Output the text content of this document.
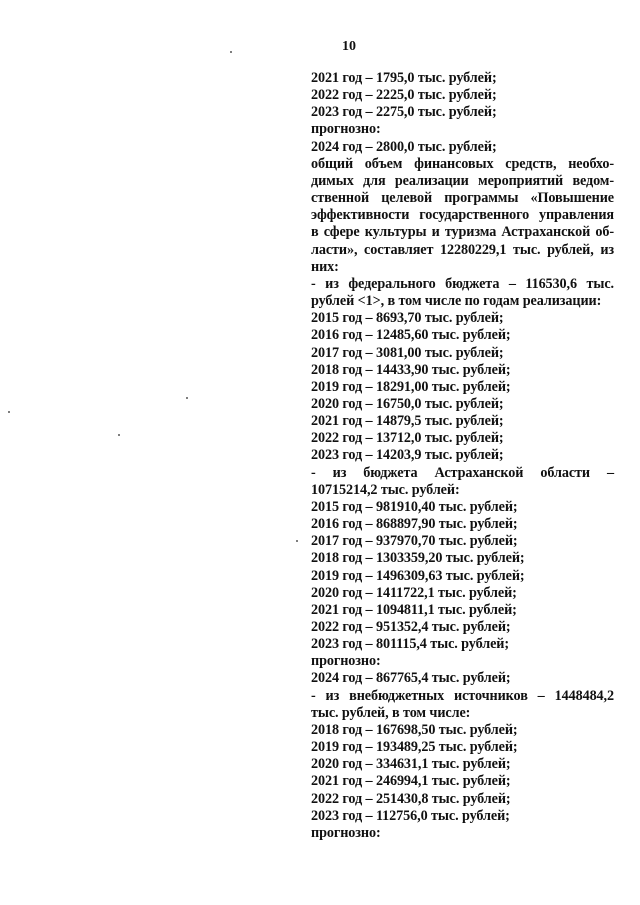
10
2021 год – 1795,0 тыс. рублей;
2022 год – 2225,0 тыс. рублей;
2023 год – 2275,0 тыс. рублей;
прогнозно:
2024 год – 2800,0 тыс. рублей;
общий объем финансовых средств, необхо-
димых для реализации мероприятий ведом-
ственной целевой программы «Повышение
эффективности государственного управления
в сфере культуры и туризма Астраханской об-
ласти», составляет 12280229,1 тыс. рублей, из
них:
- из федерального бюджета – 116530,6 тыс.
рублей <1>, в том числе по годам реализации:
2015 год – 8693,70 тыс. рублей;
2016 год – 12485,60 тыс. рублей;
2017 год – 3081,00 тыс. рублей;
2018 год – 14433,90 тыс. рублей;
2019 год – 18291,00 тыс. рублей;
2020 год – 16750,0 тыс. рублей;
2021 год – 14879,5 тыс. рублей;
2022 год – 13712,0 тыс. рублей;
2023 год – 14203,9 тыс. рублей;
- из бюджета Астраханской области –
10715214,2 тыс. рублей:
2015 год – 981910,40 тыс. рублей;
2016 год – 868897,90 тыс. рублей;
2017 год – 937970,70 тыс. рублей;
2018 год – 1303359,20 тыс. рублей;
2019 год – 1496309,63 тыс. рублей;
2020 год – 1411722,1 тыс. рублей;
2021 год – 1094811,1 тыс. рублей;
2022 год – 951352,4 тыс. рублей;
2023 год – 801115,4 тыс. рублей;
прогнозно:
2024 год – 867765,4 тыс. рублей;
- из внебюджетных источников – 1448484,2
тыс. рублей, в том числе:
2018 год – 167698,50 тыс. рублей;
2019 год – 193489,25 тыс. рублей;
2020 год – 334631,1 тыс. рублей;
2021 год – 246994,1 тыс. рублей;
2022 год – 251430,8 тыс. рублей;
2023 год – 112756,0 тыс. рублей;
прогнозно:
